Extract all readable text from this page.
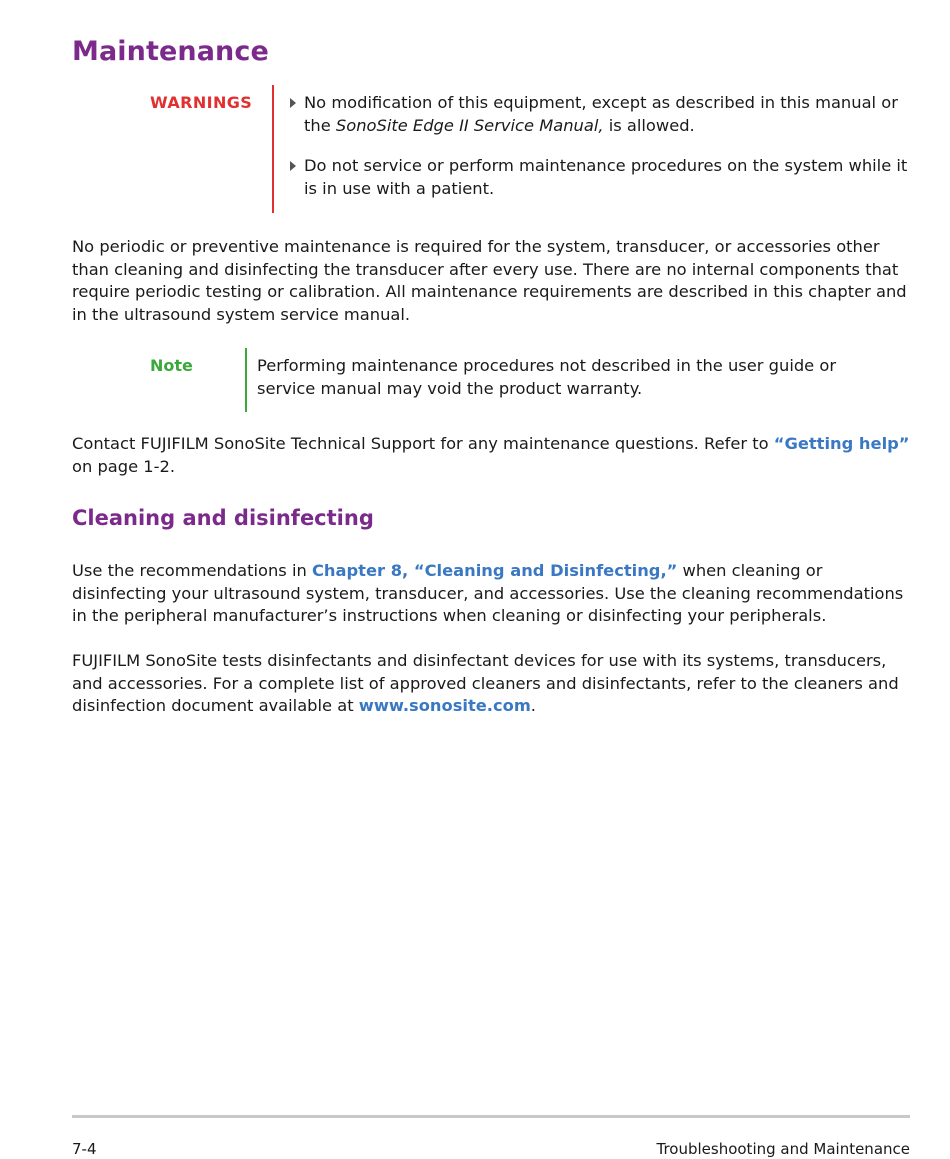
Maintenance
WARNINGS	No modification of this equipment, except as described in this manual or the SonoSite Edge II Service Manual, is allowed.
Do not service or perform maintenance procedures on the system while it is in use with a patient.

No periodic or preventive maintenance is required for the system, transducer, or accessories other than cleaning and disinfecting the transducer after every use. There are no internal components that require periodic testing or calibration. All maintenance requirements are described in this chapter and in the ultrasound system service manual.

Note	Performing maintenance procedures not described in the user guide or service manual may void the product warranty.

Contact FUJIFILM SonoSite Technical Support for any maintenance questions. Refer to “Getting help” on page 1-2.

Cleaning and disinfecting

Use the recommendations in Chapter 8, “Cleaning and Disinfecting,” when cleaning or disinfecting your ultrasound system, transducer, and accessories. Use the cleaning recommendations in the peripheral manufacturer’s instructions when cleaning or disinfecting your peripherals.

FUJIFILM SonoSite tests disinfectants and disinfectant devices for use with its systems, transducers, and accessories. For a complete list of approved cleaners and disinfectants, refer to the cleaners and disinfection document available at www.sonosite.com.

7-4	Troubleshooting and Maintenance
